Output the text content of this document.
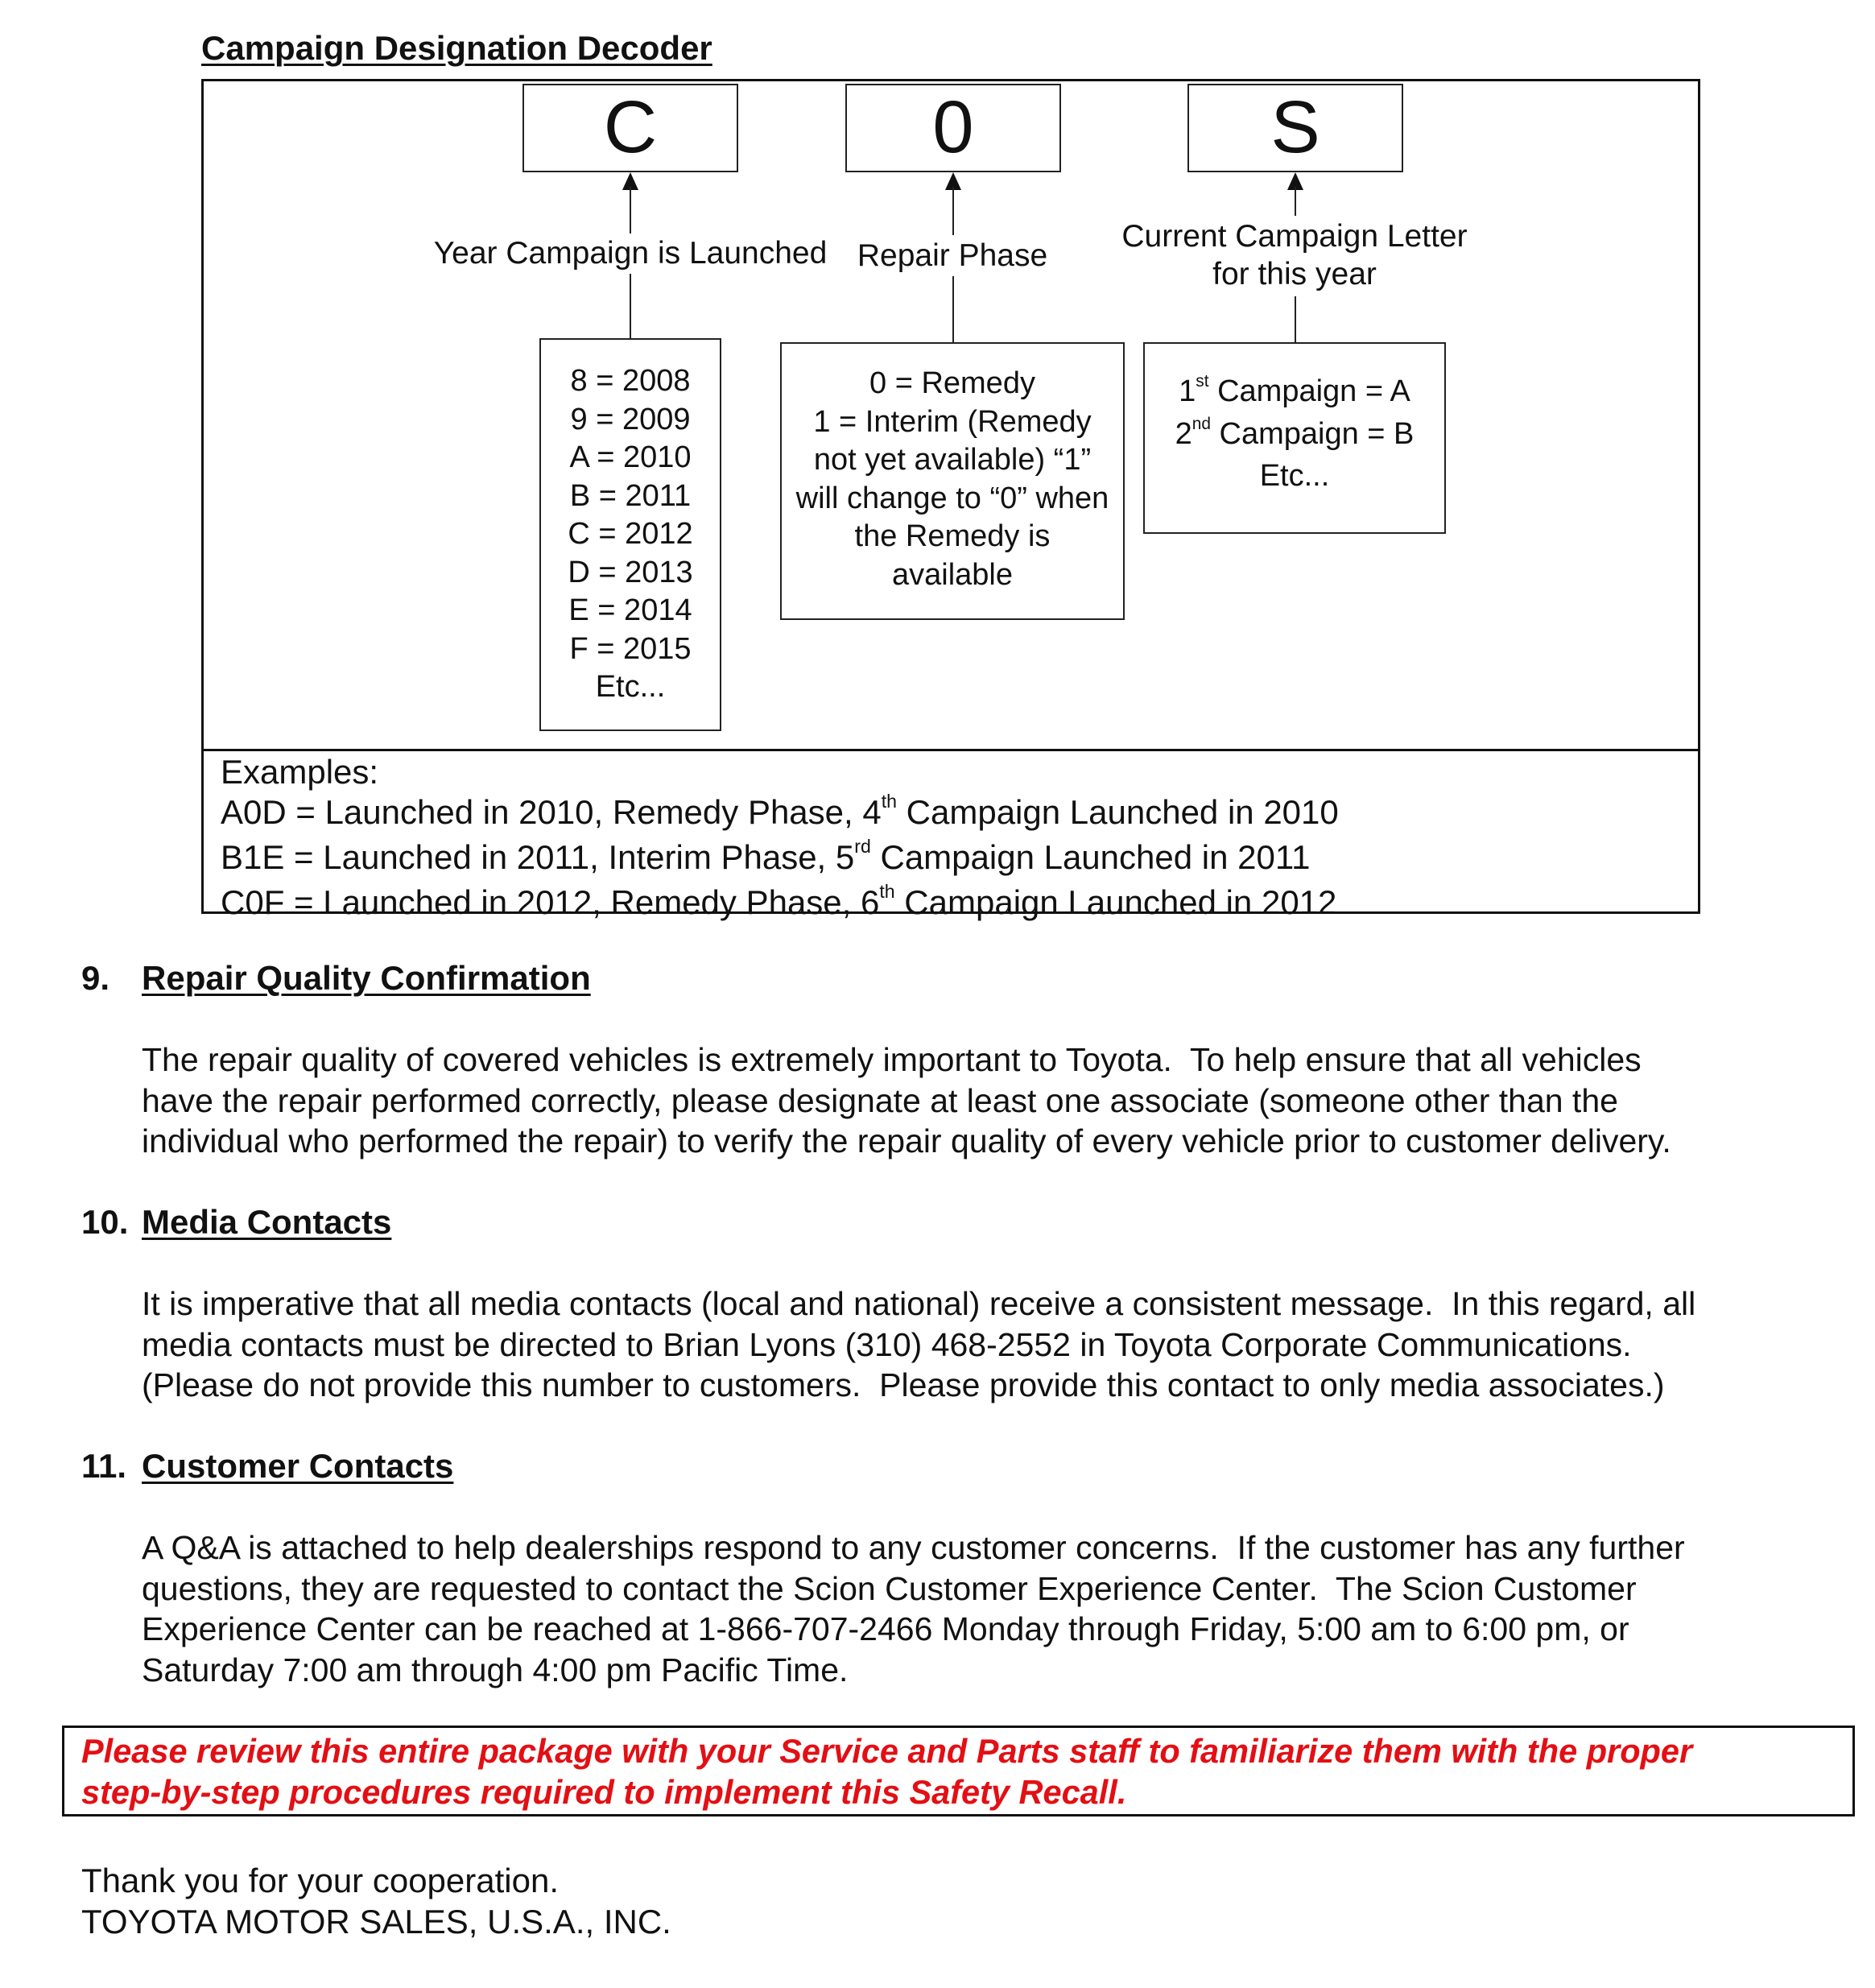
Campaign Designation Decoder
C	0	S
Year Campaign is Launched Repair Phase
Current Campaign Letter
for this year
8 = 2008
9 = 2009
A = 2010
B = 2011
C = 2012
D = 2013
E = 2014
F = 2015
Etc...
0 = Remedy
1 = Interim (Remedy
not yet available) “1”
will change to “0” when
the Remedy is
available
1st Campaign = A
2nd Campaign = B
Etc...
Examples:
A0D = Launched in 2010, Remedy Phase, 4th Campaign Launched in 2010
B1E = Launched in 2011, Interim Phase, 5rd Campaign Launched in 2011
C0F = Launched in 2012, Remedy Phase, 6th Campaign Launched in 2012
9. Repair Quality Confirmation
The repair quality of covered vehicles is extremely important to Toyota.  To help ensure that all vehicles
have the repair performed correctly, please designate at least one associate (someone other than the
individual who performed the repair) to verify the repair quality of every vehicle prior to customer delivery.
10. Media Contacts
It is imperative that all media contacts (local and national) receive a consistent message.  In this regard, all
media contacts must be directed to Brian Lyons (310) 468-2552 in Toyota Corporate Communications.
(Please do not provide this number to customers.  Please provide this contact to only media associates.)
11. Customer Contacts
A Q&A is attached to help dealerships respond to any customer concerns.  If the customer has any further
questions, they are requested to contact the Scion Customer Experience Center.  The Scion Customer
Experience Center can be reached at 1-866-707-2466 Monday through Friday, 5:00 am to 6:00 pm, or
Saturday 7:00 am through 4:00 pm Pacific Time.
Please review this entire package with your Service and Parts staff to familiarize them with the proper
step-by-step procedures required to implement this Safety Recall.
Thank you for your cooperation.
TOYOTA MOTOR SALES, U.S.A., INC.
